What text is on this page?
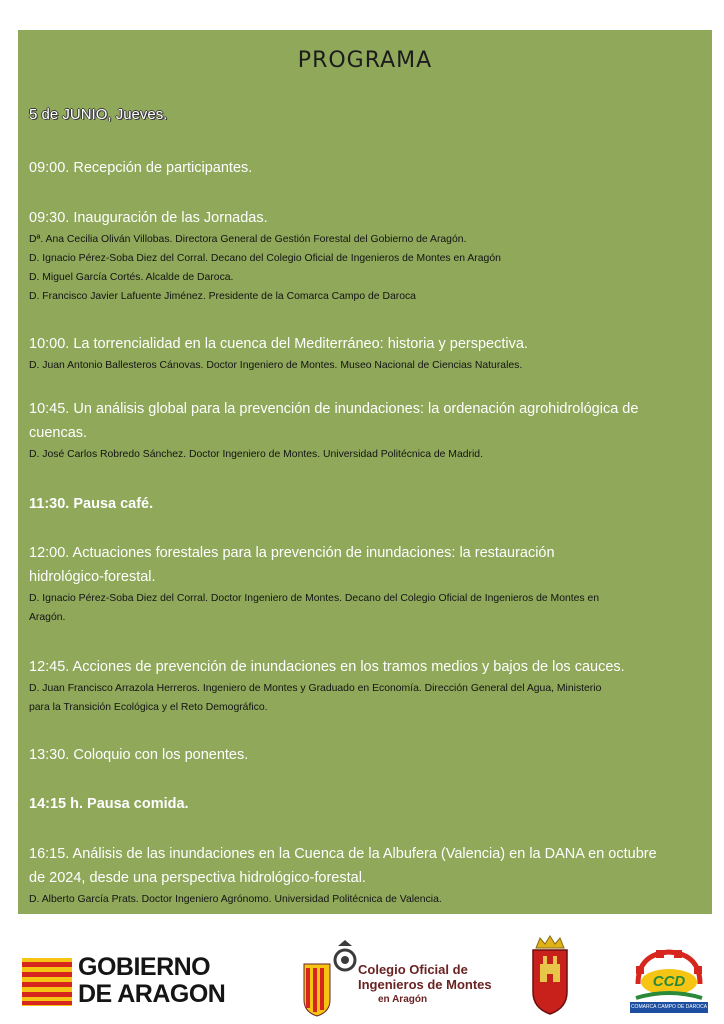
PROGRAMA
5 de JUNIO, Jueves.
09:00. Recepción de participantes.
09:30. Inauguración de las Jornadas.
Dª. Ana Cecilia Oliván Villobas. Directora General de Gestión Forestal del Gobierno de Aragón.
D. Ignacio Pérez-Soba Diez del Corral. Decano del Colegio Oficial de Ingenieros de Montes en Aragón
D. Miguel García Cortés. Alcalde de Daroca.
D. Francisco Javier Lafuente Jiménez. Presidente de la Comarca Campo de Daroca
10:00. La torrencialidad en la cuenca del Mediterráneo: historia y perspectiva.
D. Juan Antonio Ballesteros Cánovas. Doctor Ingeniero de Montes. Museo Nacional de Ciencias Naturales.
10:45. Un análisis global para la prevención de inundaciones: la ordenación agrohidrológica de
cuencas.
D. José Carlos Robredo Sánchez. Doctor Ingeniero de Montes. Universidad Politécnica de Madrid.
11:30. Pausa café.
12:00. Actuaciones forestales para la prevención de inundaciones: la restauración
hidrológico-forestal.
D. Ignacio Pérez-Soba Diez del Corral. Doctor Ingeniero de Montes. Decano del Colegio Oficial de Ingenieros de Montes en
Aragón.
12:45. Acciones de prevención de inundaciones en los tramos medios y bajos de los cauces.
D. Juan Francisco Arrazola Herreros. Ingeniero de Montes y Graduado en Economía. Dirección General del Agua, Ministerio
para la Transición Ecológica y el Reto Demográfico.
13:30. Coloquio con los ponentes.
14:15 h. Pausa comida.
16:15. Análisis de las inundaciones en la Cuenca de la Albufera (Valencia) en la DANA en octubre
de 2024, desde una perspectiva hidrológico-forestal.
D. Alberto García Prats. Doctor Ingeniero Agrónomo. Universidad Politécnica de Valencia.
GOBIERNO
DE ARAGON
Colegio Oficial de
Ingenieros de Montes
en Aragón
CCD
COMARCA CAMPO DE DAROCA
